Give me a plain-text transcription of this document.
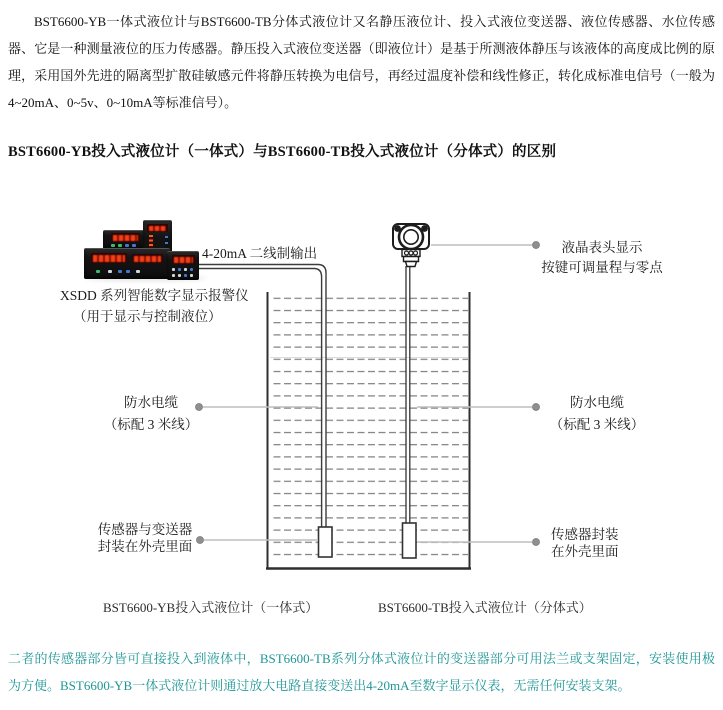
BST6600-YB一体式液位计与BST6600-TB分体式液位计又名静压液位计、投入式液位变送器、液位传感器、水位传感器、它是一种测量液位的压力传感器。静压投入式液位变送器（即液位计）是基于所测液体静压与该液体的高度成比例的原理，采用国外先进的隔离型扩散硅敏感元件将静压转换为电信号，再经过温度补偿和线性修正，转化成标准电信号（一般为4~20mA、0~5v、0~10mA等标准信号）。

BST6600-YB投入式液位计（一体式）与BST6600-TB投入式液位计（分体式）的区别
4-20mA 二线制输出
XSDD 系列智能数字显示报警仪
（用于显示与控制液位）
液晶表头显示
按键可调量程与零点
防水电缆
（标配 3 米线）
防水电缆
（标配 3 米线）
传感器与变送器
封装在外壳里面
传感器封装
在外壳里面
BST6600-YB投入式液位计（一体式）	BST6600-TB投入式液位计（分体式）

二者的传感器部分皆可直接投入到液体中，BST6600-TB系列分体式液位计的变送器部分可用法兰或支架固定，安装使用极为方便。BST6600-YB一体式液位计则通过放大电路直接变送出4-20mA至数字显示仪表，无需任何安装支架。
